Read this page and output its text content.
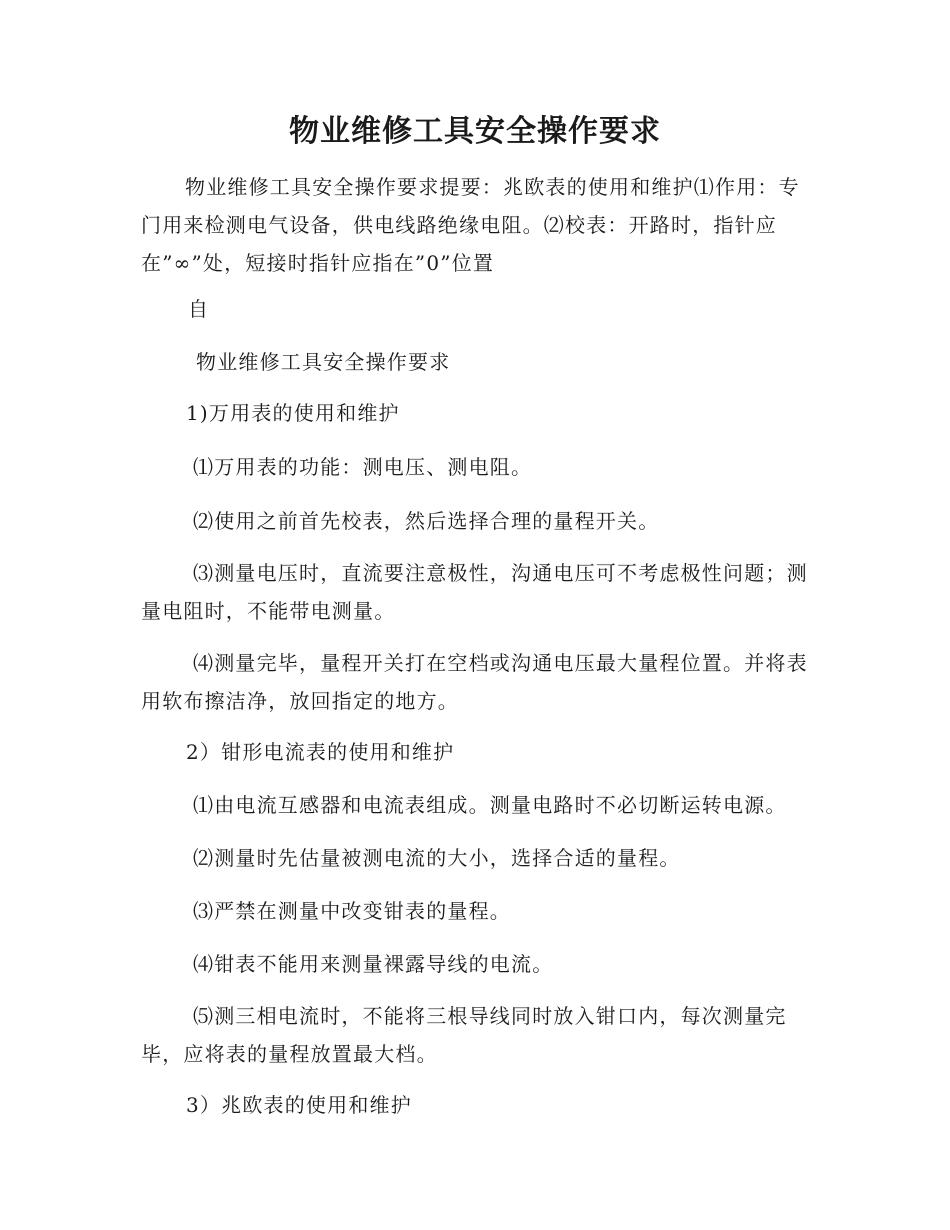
物业维修工具安全操作要求

物业维修工具安全操作要求提要：兆欧表的使用和维护⑴作用：专门用来检测电气设备，供电线路绝缘电阻。⑵校表：开路时，指针应在”∞”处，短接时指针应指在”0”位置

自

物业维修工具安全操作要求

1)万用表的使用和维护

⑴万用表的功能：测电压、测电阻。

⑵使用之前首先校表，然后选择合理的量程开关。

⑶测量电压时，直流要注意极性，沟通电压可不考虑极性问题；测量电阻时，不能带电测量。

⑷测量完毕，量程开关打在空档或沟通电压最大量程位置。并将表用软布擦洁净，放回指定的地方。

2）钳形电流表的使用和维护

⑴由电流互感器和电流表组成。测量电路时不必切断运转电源。

⑵测量时先估量被测电流的大小，选择合适的量程。

⑶严禁在测量中改变钳表的量程。

⑷钳表不能用来测量裸露导线的电流。

⑸测三相电流时，不能将三根导线同时放入钳口内，每次测量完毕，应将表的量程放置最大档。

3）兆欧表的使用和维护
